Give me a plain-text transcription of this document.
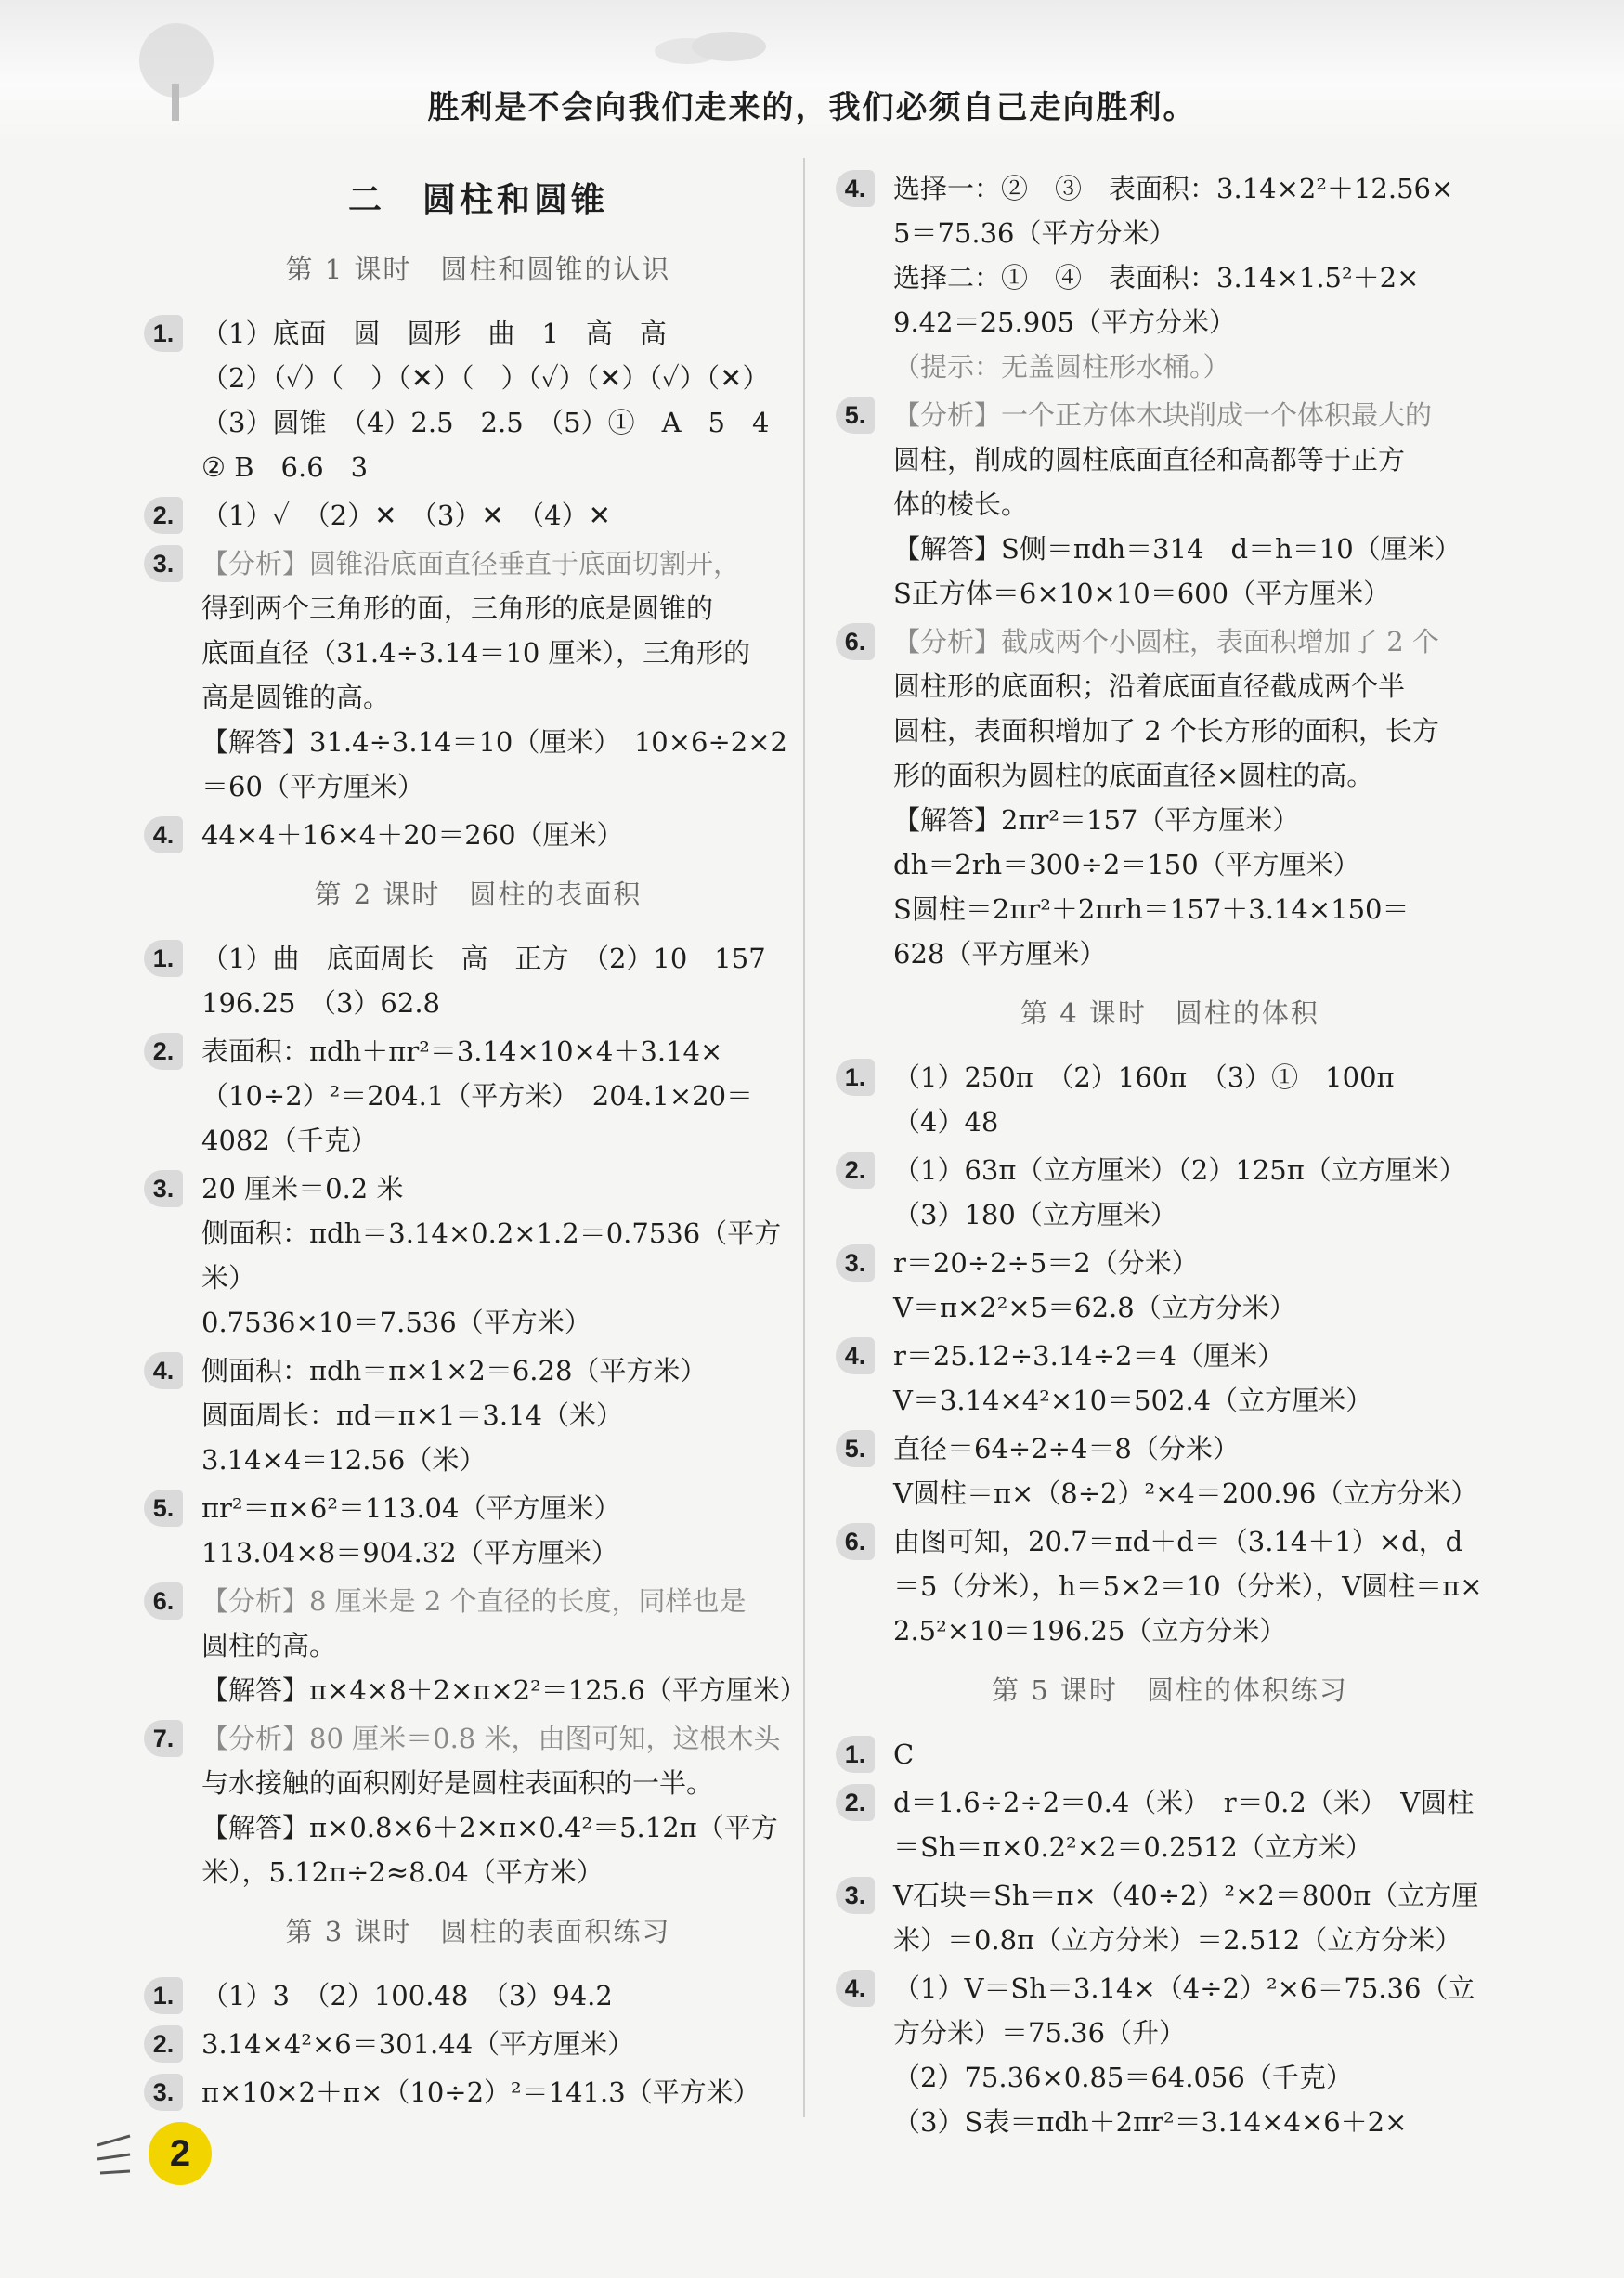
胜利是不会向我们走来的，我们必须自己走向胜利。
二　圆柱和圆锥
第 1 课时　圆柱和圆锥的认识
1.	（1）底面　圆　圆形　曲　1　高　高
（2）（✓）（　）（✕）（　）（✓）（✕）（✓）（✕）
（3）圆锥　（4）2.5　2.5　（5）①　A　5　4
② B　6.6　3
2.	（1）✓　（2）✕　（3）✕　（4）✕
3.	【分析】圆锥沿底面直径垂直于底面切割开，
得到两个三角形的面，三角形的底是圆锥的
底面直径（31.4÷3.14＝10 厘米），三角形的
高是圆锥的高。
【解答】31.4÷3.14＝10（厘米）　10×6÷2×2
＝60（平方厘米）
4.	44×4＋16×4＋20＝260（厘米）
第 2 课时　圆柱的表面积
1.	（1）曲　底面周长　高　正方　（2）10　157
196.25　（3）62.8
2.	表面积：πdh＋πr²＝3.14×10×4＋3.14×
（10÷2）²＝204.1（平方米）　204.1×20＝
4082（千克）
3.	20 厘米＝0.2 米
侧面积：πdh＝3.14×0.2×1.2＝0.7536（平方
米）
0.7536×10＝7.536（平方米）
4.	侧面积：πdh＝π×1×2＝6.28（平方米）
圆面周长：πd＝π×1＝3.14（米）
3.14×4＝12.56（米）
5.	πr²＝π×6²＝113.04（平方厘米）
113.04×8＝904.32（平方厘米）
6.	【分析】8 厘米是 2 个直径的长度，同样也是
圆柱的高。
【解答】π×4×8＋2×π×2²＝125.6（平方厘米）
7.	【分析】80 厘米＝0.8 米，由图可知，这根木头
与水接触的面积刚好是圆柱表面积的一半。
【解答】π×0.8×6＋2×π×0.4²＝5.12π（平方
米），5.12π÷2≈8.04（平方米）
第 3 课时　圆柱的表面积练习
1.	（1）3　（2）100.48　（3）94.2
2.	3.14×4²×6＝301.44（平方厘米）
3.	π×10×2＋π×（10÷2）²＝141.3（平方米）
4.	选择一：②　③　表面积：3.14×2²＋12.56×
5＝75.36（平方分米）
选择二：①　④　表面积：3.14×1.5²＋2×
9.42＝25.905（平方分米）
（提示：无盖圆柱形水桶。）
5.	【分析】一个正方体木块削成一个体积最大的
圆柱，削成的圆柱底面直径和高都等于正方
体的棱长。
【解答】S侧＝πdh＝314　d＝h＝10（厘米）
S正方体＝6×10×10＝600（平方厘米）
6.	【分析】截成两个小圆柱，表面积增加了 2 个
圆柱形的底面积；沿着底面直径截成两个半
圆柱，表面积增加了 2 个长方形的面积，长方
形的面积为圆柱的底面直径×圆柱的高。
【解答】2πr²＝157（平方厘米）
dh＝2rh＝300÷2＝150（平方厘米）
S圆柱＝2πr²＋2πrh＝157＋3.14×150＝
628（平方厘米）
第 4 课时　圆柱的体积
1.	（1）250π　（2）160π　（3）①　100π
（4）48
2.	（1）63π（立方厘米）（2）125π（立方厘米）
（3）180（立方厘米）
3.	r＝20÷2÷5＝2（分米）
V＝π×2²×5＝62.8（立方分米）
4.	r＝25.12÷3.14÷2＝4（厘米）
V＝3.14×4²×10＝502.4（立方厘米）
5.	直径＝64÷2÷4＝8（分米）
V圆柱＝π×（8÷2）²×4＝200.96（立方分米）
6.	由图可知，20.7＝πd＋d＝（3.14＋1）×d，d
＝5（分米），h＝5×2＝10（分米），V圆柱＝π×
2.5²×10＝196.25（立方分米）
第 5 课时　圆柱的体积练习
1.	C
2.	d＝1.6÷2÷2＝0.4（米）　r＝0.2（米）　V圆柱
＝Sh＝π×0.2²×2＝0.2512（立方米）
3.	V石块＝Sh＝π×（40÷2）²×2＝800π（立方厘
米）＝0.8π（立方分米）＝2.512（立方分米）
4.	（1）V＝Sh＝3.14×（4÷2）²×6＝75.36（立
方分米）＝75.36（升）
（2）75.36×0.85＝64.056（千克）
（3）S表＝πdh＋2πr²＝3.14×4×6＋2×
2
